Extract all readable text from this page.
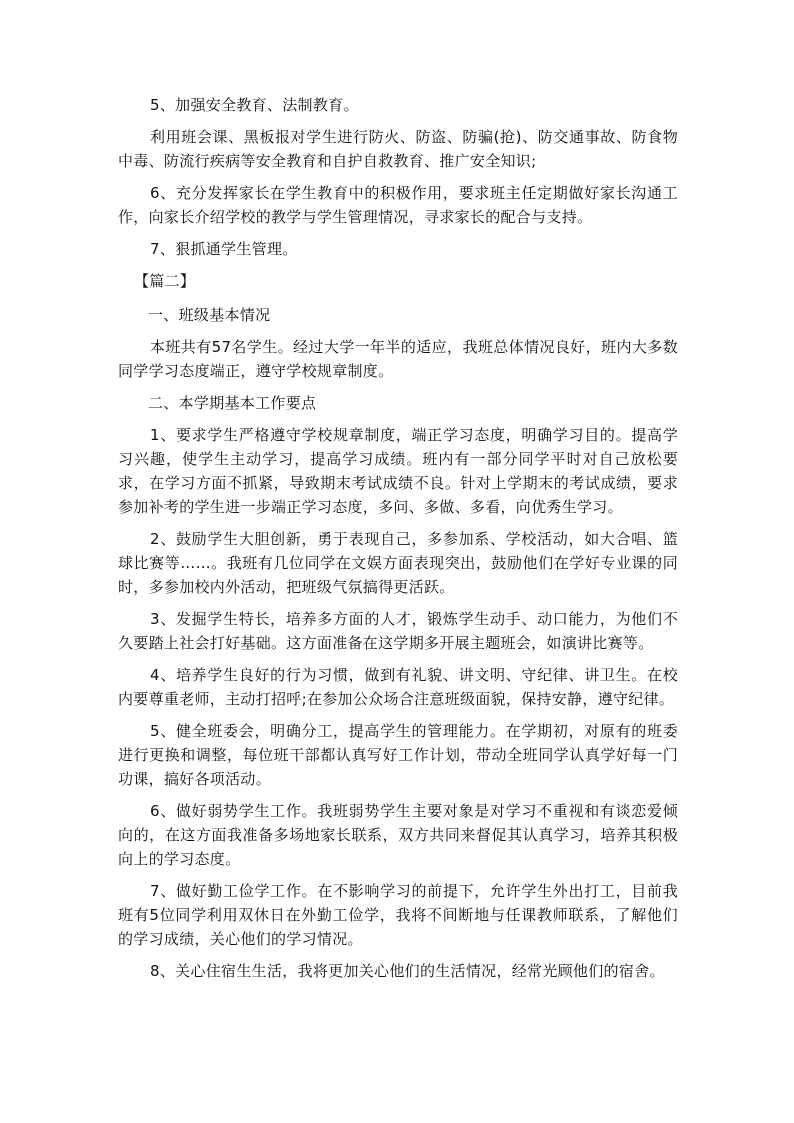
5、加强安全教育、法制教育。

利用班会课、黑板报对学生进行防火、防盗、防骗(抢)、防交通事故、防食物中毒、防流行疾病等安全教育和自护自救教育、推广安全知识;

6、充分发挥家长在学生教育中的积极作用，要求班主任定期做好家长沟通工作，向家长介绍学校的教学与学生管理情况，寻求家长的配合与支持。

7、狠抓通学生管理。

【篇二】

一、班级基本情况

本班共有57名学生。经过大学一年半的适应，我班总体情况良好，班内大多数同学学习态度端正，遵守学校规章制度。

二、本学期基本工作要点

1、要求学生严格遵守学校规章制度，端正学习态度，明确学习目的。提高学习兴趣，使学生主动学习，提高学习成绩。班内有一部分同学平时对自己放松要求，在学习方面不抓紧，导致期末考试成绩不良。针对上学期末的考试成绩，要求参加补考的学生进一步端正学习态度，多问、多做、多看，向优秀生学习。

2、鼓励学生大胆创新，勇于表现自己，多参加系、学校活动，如大合唱、篮球比赛等……。我班有几位同学在文娱方面表现突出，鼓励他们在学好专业课的同时，多参加校内外活动，把班级气氛搞得更活跃。

3、发掘学生特长，培养多方面的人才，锻炼学生动手、动口能力，为他们不久要踏上社会打好基础。这方面准备在这学期多开展主题班会，如演讲比赛等。

4、培养学生良好的行为习惯，做到有礼貌、讲文明、守纪律、讲卫生。在校内要尊重老师，主动打招呼;在参加公众场合注意班级面貌，保持安静，遵守纪律。

5、健全班委会，明确分工，提高学生的管理能力。在学期初，对原有的班委进行更换和调整，每位班干部都认真写好工作计划，带动全班同学认真学好每一门功课，搞好各项活动。

6、做好弱势学生工作。我班弱势学生主要对象是对学习不重视和有谈恋爱倾向的，在这方面我准备多场地家长联系，双方共同来督促其认真学习，培养其积极向上的学习态度。

7、做好勤工俭学工作。在不影响学习的前提下，允许学生外出打工，目前我班有5位同学利用双休日在外勤工俭学，我将不间断地与任课教师联系，了解他们的学习成绩，关心他们的学习情况。

8、关心住宿生生活，我将更加关心他们的生活情况，经常光顾他们的宿舍。
